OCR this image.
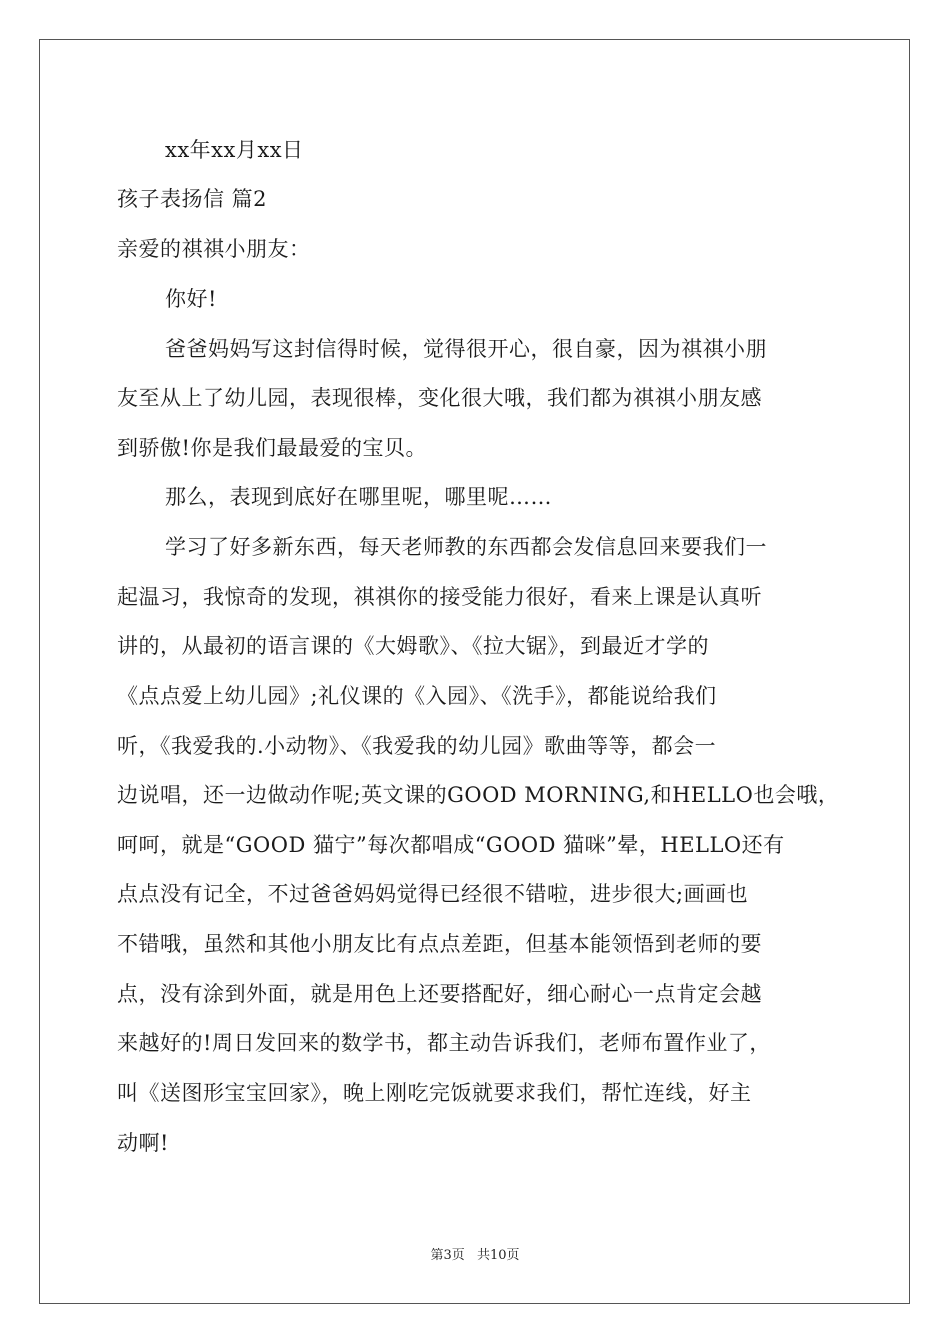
xx年xx月xx日
孩子表扬信 篇2
亲爱的祺祺小朋友：
你好!
爸爸妈妈写这封信得时候，觉得很开心，很自豪，因为祺祺小朋
友至从上了幼儿园，表现很棒，变化很大哦，我们都为祺祺小朋友感
到骄傲!你是我们最最爱的宝贝。
那么，表现到底好在哪里呢，哪里呢……
学习了好多新东西，每天老师教的东西都会发信息回来要我们一
起温习，我惊奇的发现，祺祺你的接受能力很好，看来上课是认真听
讲的，从最初的语言课的《大姆歌》、《拉大锯》，到最近才学的
《点点爱上幼儿园》;礼仪课的《入园》、《洗手》，都能说给我们
听，《我爱我的.小动物》、《我爱我的幼儿园》歌曲等等，都会一
边说唱，还一边做动作呢;英文课的GOOD MORNING,和HELLO也会哦，
呵呵，就是“GOOD 猫宁”每次都唱成“GOOD 猫咪”晕，HELLO还有
点点没有记全，不过爸爸妈妈觉得已经很不错啦，进步很大;画画也
不错哦，虽然和其他小朋友比有点点差距，但基本能领悟到老师的要
点，没有涂到外面，就是用色上还要搭配好，细心耐心一点肯定会越
来越好的!周日发回来的数学书，都主动告诉我们，老师布置作业了，
叫《送图形宝宝回家》，晚上刚吃完饭就要求我们，帮忙连线，好主
动啊!
第3页 共10页
